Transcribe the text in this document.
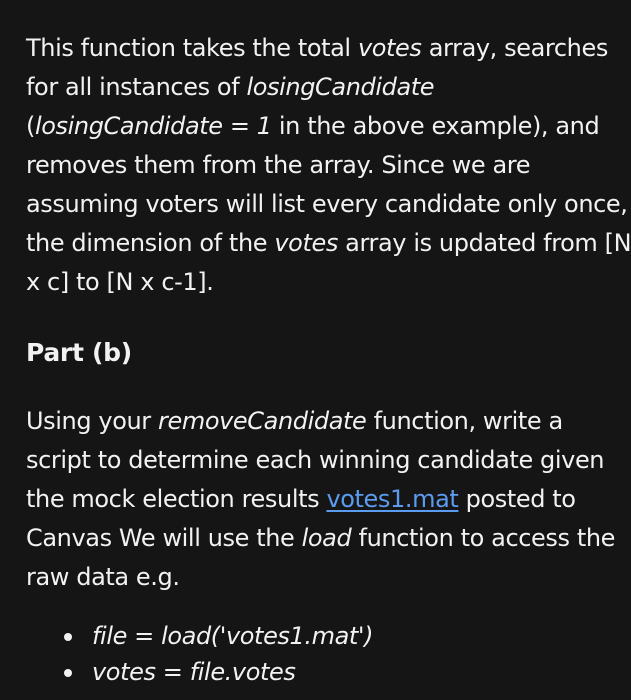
This function takes the total votes array, searches
for all instances of losingCandidate
(losingCandidate = 1 in the above example), and
removes them from the array. Since we are
assuming voters will list every candidate only once,
the dimension of the votes array is updated from [N
x c] to [N x c-1].
Part (b)
Using your removeCandidate function, write a
script to determine each winning candidate given
the mock election results votes1.mat posted to
Canvas We will use the load function to access the
raw data e.g.
file = load('votes1.mat')
votes = file.votes
